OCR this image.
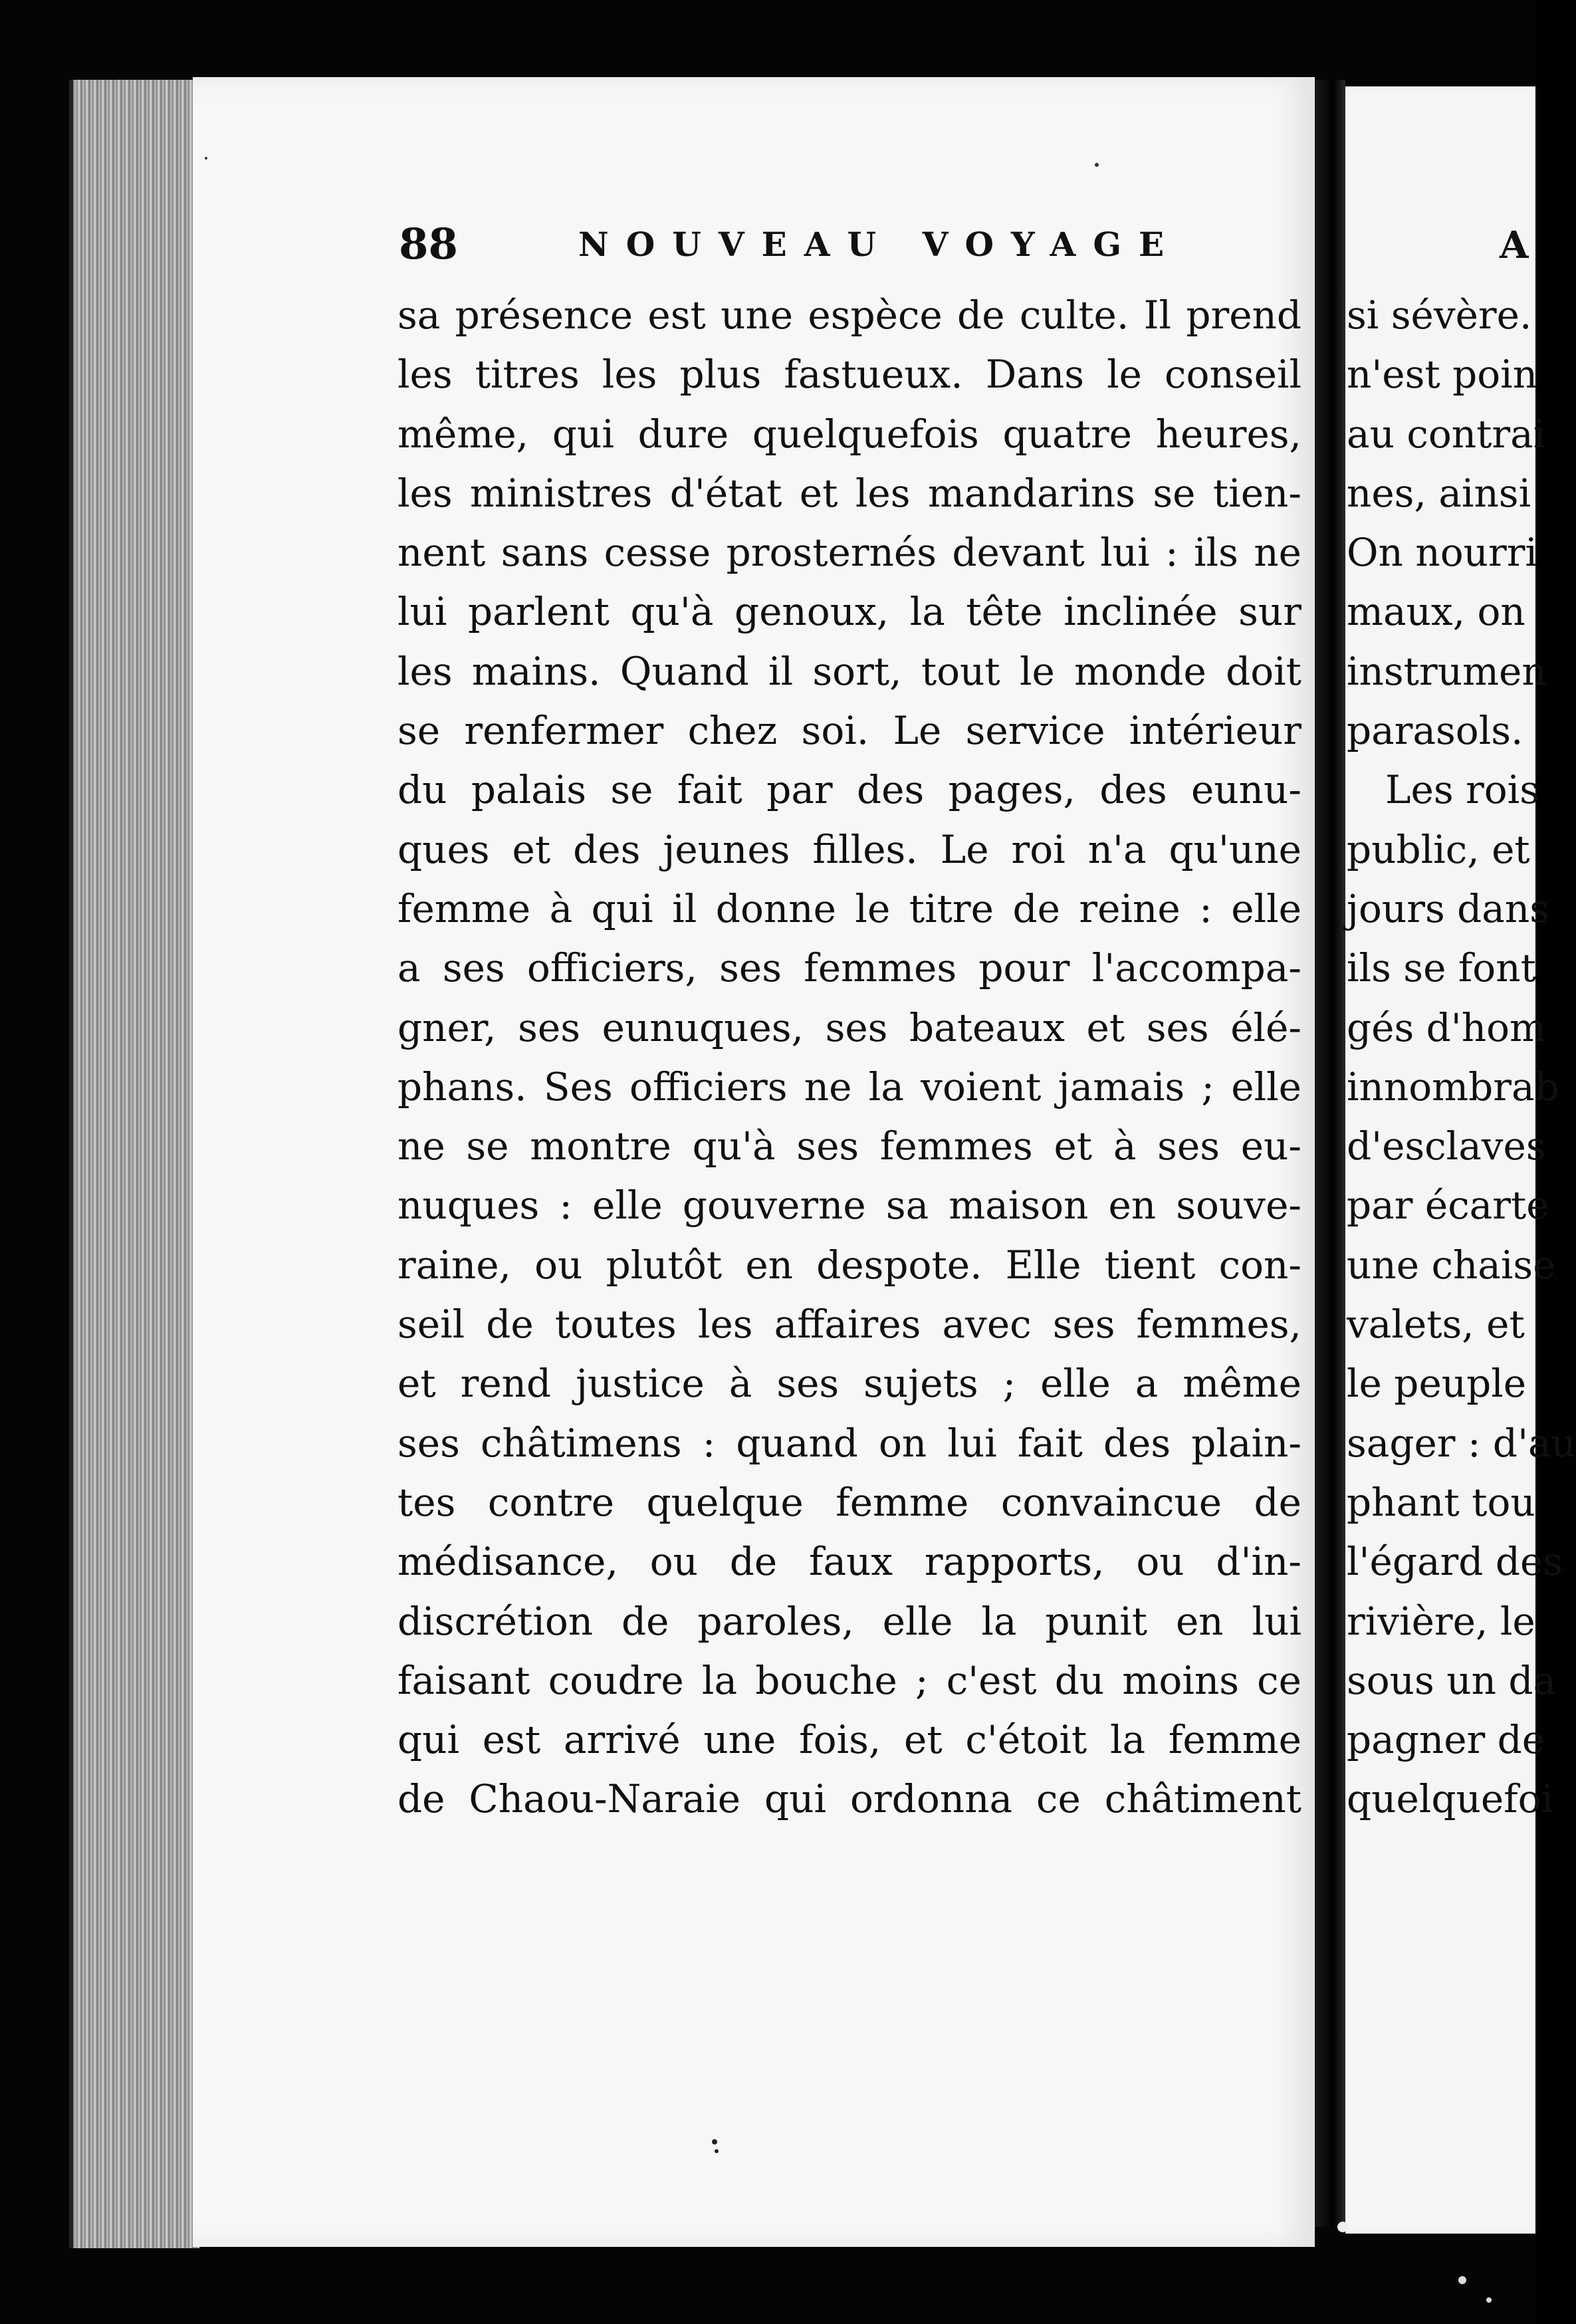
88	NOUVEAU VOYAGE
sa présence est une espèce de culte. Il prend
les titres les plus fastueux. Dans le conseil
même, qui dure quelquefois quatre heures,
les ministres d'état et les mandarins se tien-
nent sans cesse prosternés devant lui : ils ne
lui parlent qu'à genoux, la tête inclinée sur
les mains. Quand il sort, tout le monde doit
se renfermer chez soi. Le service intérieur
du palais se fait par des pages, des eunu-
ques et des jeunes filles. Le roi n'a qu'une
femme à qui il donne le titre de reine : elle
a ses officiers, ses femmes pour l'accompa-
gner, ses eunuques, ses bateaux et ses élé-
phans. Ses officiers ne la voient jamais ; elle
ne se montre qu'à ses femmes et à ses eu-
nuques : elle gouverne sa maison en souve-
raine, ou plutôt en despote. Elle tient con-
seil de toutes les affaires avec ses femmes,
et rend justice à ses sujets ; elle a même
ses châtimens : quand on lui fait des plain-
tes contre quelque femme convaincue de
médisance, ou de faux rapports, ou d'in-
discrétion de paroles, elle la punit en lui
faisant coudre la bouche ; c'est du moins ce
qui est arrivé une fois, et c'étoit la femme
de Chaou-Naraie qui ordonna ce châtiment
A
si sévère.
n'est poin
au contrai
nes, ainsi
On nourri
maux, on
instrumen
parasols.
Les rois
public, et
jours dans
ils se font
gés d'hom
innombrab
d'esclaves
par écarte
une chaise
valets, et
le peuple
sager : d'au
phant tou
l'égard des
rivière, le
sous un da
pagner de
quelquefoi
